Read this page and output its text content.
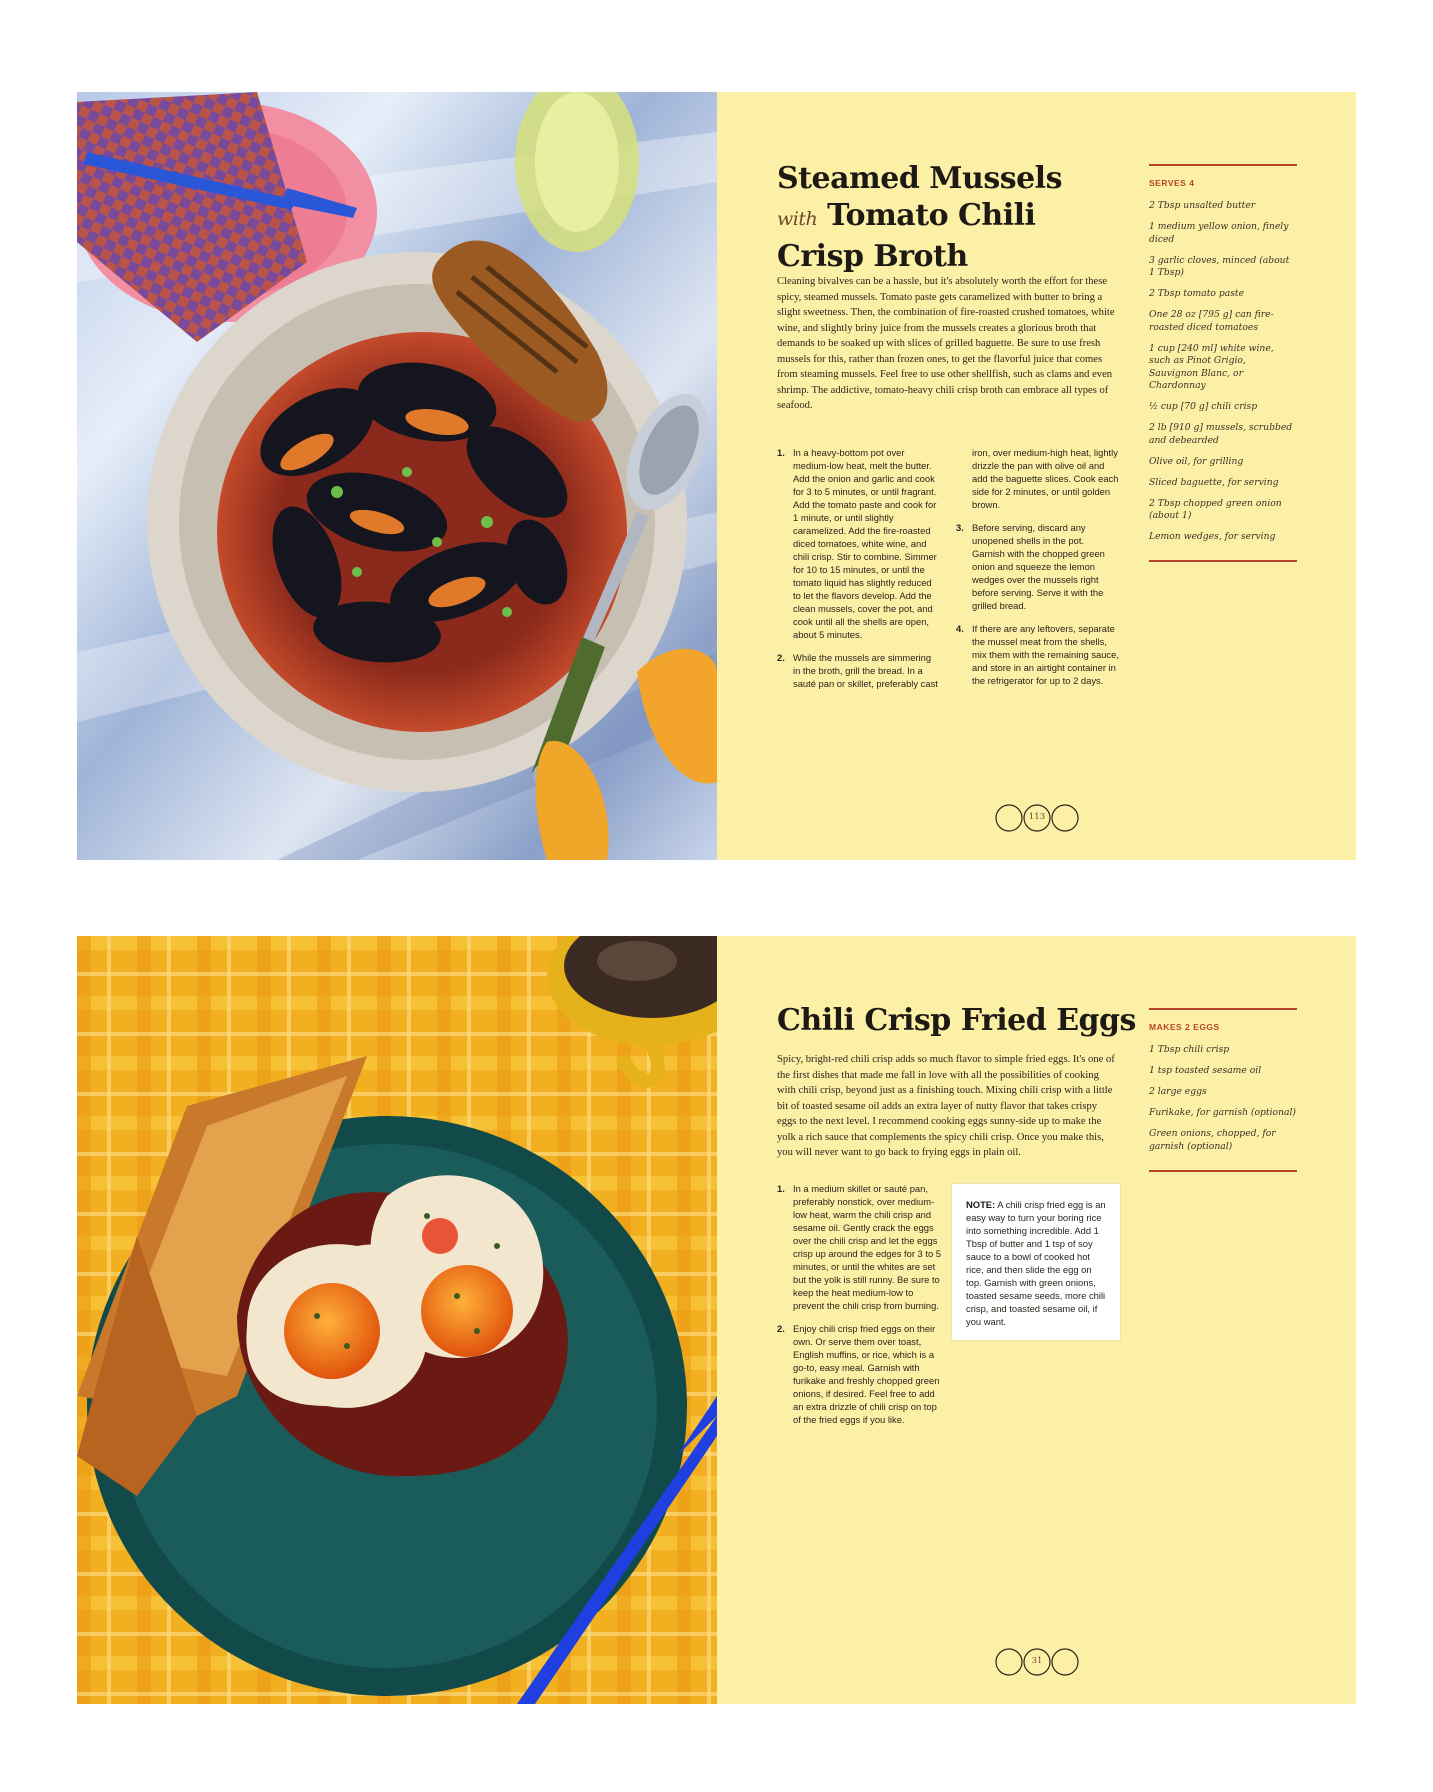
Steamed Mussels
with Tomato Chili
Crisp Broth

Cleaning bivalves can be a hassle, but it's absolutely worth the effort for these spicy, steamed mussels. Tomato paste gets caramelized with butter to bring a slight sweetness. Then, the combination of fire-roasted crushed tomatoes, white wine, and slightly briny juice from the mussels creates a glorious broth that demands to be soaked up with slices of grilled baguette. Be sure to use fresh mussels for this, rather than frozen ones, to get the flavorful juice that comes from steaming mussels. Feel free to use other shellfish, such as clams and even shrimp. The addictive, tomato-heavy chili crisp broth can embrace all types of seafood.

1. In a heavy-bottom pot over medium-low heat, melt the butter. Add the onion and garlic and cook for 3 to 5 minutes, or until fragrant. Add the tomato paste and cook for 1 minute, or until slightly caramelized. Add the fire-roasted diced tomatoes, white wine, and chili crisp. Stir to combine. Simmer for 10 to 15 minutes, or until the tomato liquid has slightly reduced to let the flavors develop. Add the clean mussels, cover the pot, and cook until all the shells are open, about 5 minutes.
2. While the mussels are simmering in the broth, grill the bread. In a sauté pan or skillet, preferably cast iron, over medium-high heat, lightly drizzle the pan with olive oil and add the baguette slices. Cook each side for 2 minutes, or until golden brown.
3. Before serving, discard any unopened shells in the pot. Garnish with the chopped green onion and squeeze the lemon wedges over the mussels right before serving. Serve it with the grilled bread.
4. If there are any leftovers, separate the mussel meat from the shells, mix them with the remaining sauce, and store in an airtight container in the refrigerator for up to 2 days.
SERVES 4
2 Tbsp unsalted butter
1 medium yellow onion, finely diced
3 garlic cloves, minced (about 1 Tbsp)
2 Tbsp tomato paste
One 28 oz [795 g] can fire-roasted diced tomatoes
1 cup [240 ml] white wine, such as Pinot Grigio, Sauvignon Blanc, or Chardonnay
½ cup [70 g] chili crisp
2 lb [910 g] mussels, scrubbed and debearded
Olive oil, for grilling
Sliced baguette, for serving
2 Tbsp chopped green onion (about 1)
Lemon wedges, for serving
113
Chili Crisp Fried Eggs

Spicy, bright-red chili crisp adds so much flavor to simple fried eggs. It's one of the first dishes that made me fall in love with all the possibilities of cooking with chili crisp, beyond just as a finishing touch. Mixing chili crisp with a little bit of toasted sesame oil adds an extra layer of nutty flavor that takes crispy eggs to the next level. I recommend cooking eggs sunny-side up to make the yolk a rich sauce that complements the spicy chili crisp. Once you make this, you will never want to go back to frying eggs in plain oil.

1. In a medium skillet or sauté pan, preferably nonstick, over medium-low heat, warm the chili crisp and sesame oil. Gently crack the eggs over the chili crisp and let the eggs crisp up around the edges for 3 to 5 minutes, or until the whites are set but the yolk is still runny. Be sure to keep the heat medium-low to prevent the chili crisp from burning.
2. Enjoy chili crisp fried eggs on their own. Or serve them over toast, English muffins, or rice, which is a go-to, easy meal. Garnish with furikake and freshly chopped green onions, if desired. Feel free to add an extra drizzle of chili crisp on top of the fried eggs if you like.
NOTE: A chili crisp fried egg is an easy way to turn your boring rice into something incredible. Add 1 Tbsp of butter and 1 tsp of soy sauce to a bowl of cooked hot rice, and then slide the egg on top. Garnish with green onions, toasted sesame seeds, more chili crisp, and toasted sesame oil, if you want.
MAKES 2 EGGS
1 Tbsp chili crisp
1 tsp toasted sesame oil
2 large eggs
Furikake, for garnish (optional)
Green onions, chopped, for garnish (optional)
31
